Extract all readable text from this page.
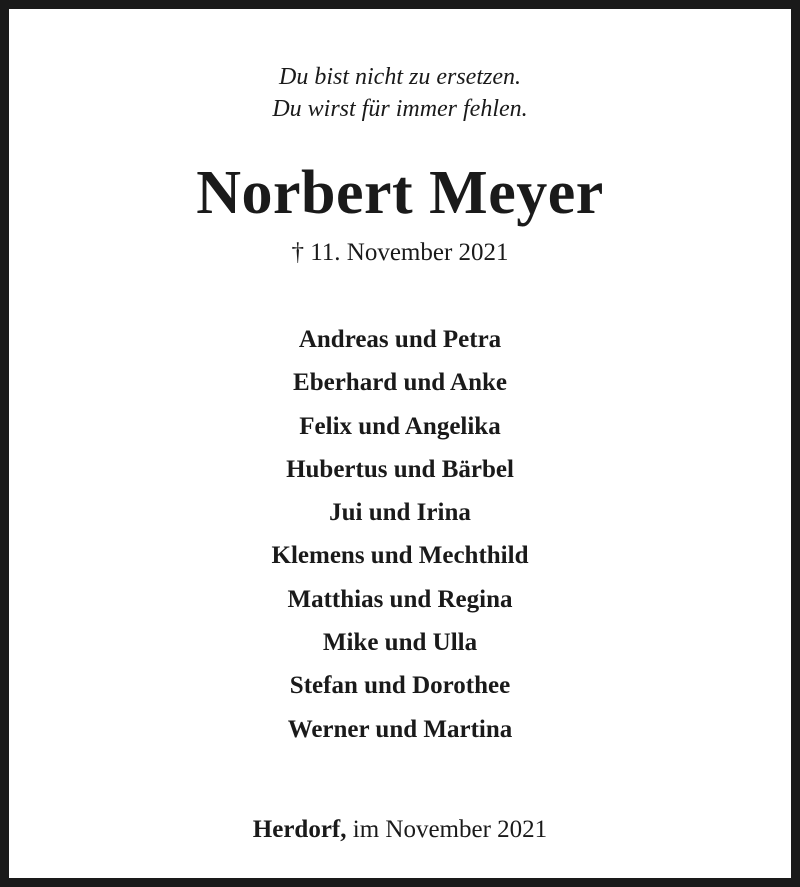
Du bist nicht zu ersetzen.
Du wirst für immer fehlen.
Norbert Meyer
† 11. November 2021
Andreas und Petra
Eberhard und Anke
Felix und Angelika
Hubertus und Bärbel
Jui und Irina
Klemens und Mechthild
Matthias und Regina
Mike und Ulla
Stefan und Dorothee
Werner und Martina
Herdorf, im November 2021
